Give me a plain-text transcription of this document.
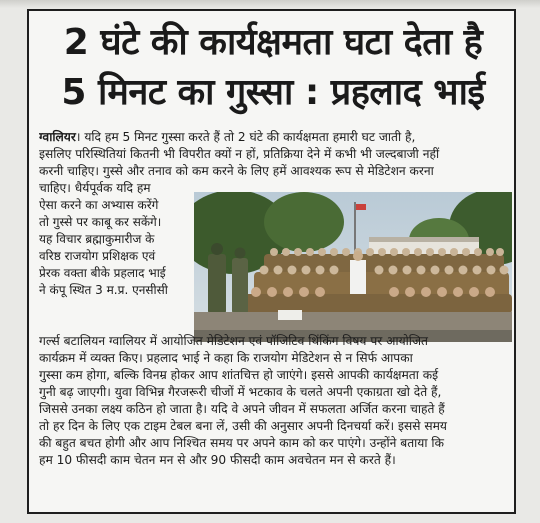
2 घंटे की कार्यक्षमता घटा देता है
5 मिनट का गुस्सा : प्रहलाद भाई
ग्वालियर। यदि हम 5 मिनट गुस्सा करते हैं तो 2 घंटे की कार्यक्षमता हमारी घट जाती है,
इसलिए परिस्थितियां कितनी भी विपरीत क्यों न हों, प्रतिक्रिया देने में कभी भी जल्दबाजी नहीं
करनी चाहिए। गुस्से और तनाव को कम करने के लिए हमें आवश्यक रूप से मेडिटेशन करना
चाहिए। धैर्यपूर्वक यदि हम
ऐसा करने का अभ्यास करेंगे
तो गुस्से पर काबू कर सकेंगे।
यह विचार ब्रह्माकुमारीज के
वरिष्ठ राजयोग प्रशिक्षक एवं
प्रेरक वक्ता बीके प्रहलाद भाई
ने कंपू स्थित 3 म.प्र. एनसीसी
गर्ल्स बटालियन ग्वालियर में आयोजित मेडिटेशन एवं पॉजिटिव थिंकिंग विषय पर आयोजित
कार्यक्रम में व्यक्त किए। प्रहलाद भाई ने कहा कि राजयोग मेडिटेशन से न सिर्फ आपका
गुस्सा कम होगा, बल्कि विनम्र होकर आप शांतचित्त हो जाएंगे। इससे आपकी कार्यक्षमता कई
गुनी बढ़ जाएगी। युवा विभिन्न गैरजरूरी चीजों में भटकाव के चलते अपनी एकाग्रता खो देते हैं,
जिससे उनका लक्ष्य कठिन हो जाता है। यदि वे अपने जीवन में सफलता अर्जित करना चाहते हैं
तो हर दिन के लिए एक टाइम टेबल बना लें, उसी की अनुसार अपनी दिनचर्या करें। इससे समय
की बहुत बचत होगी और आप निश्चित समय पर अपने काम को कर पाएंगे। उन्होंने बताया कि
हम 10 फीसदी काम चेतन मन से और 90 फीसदी काम अवचेतन मन से करते हैं।
